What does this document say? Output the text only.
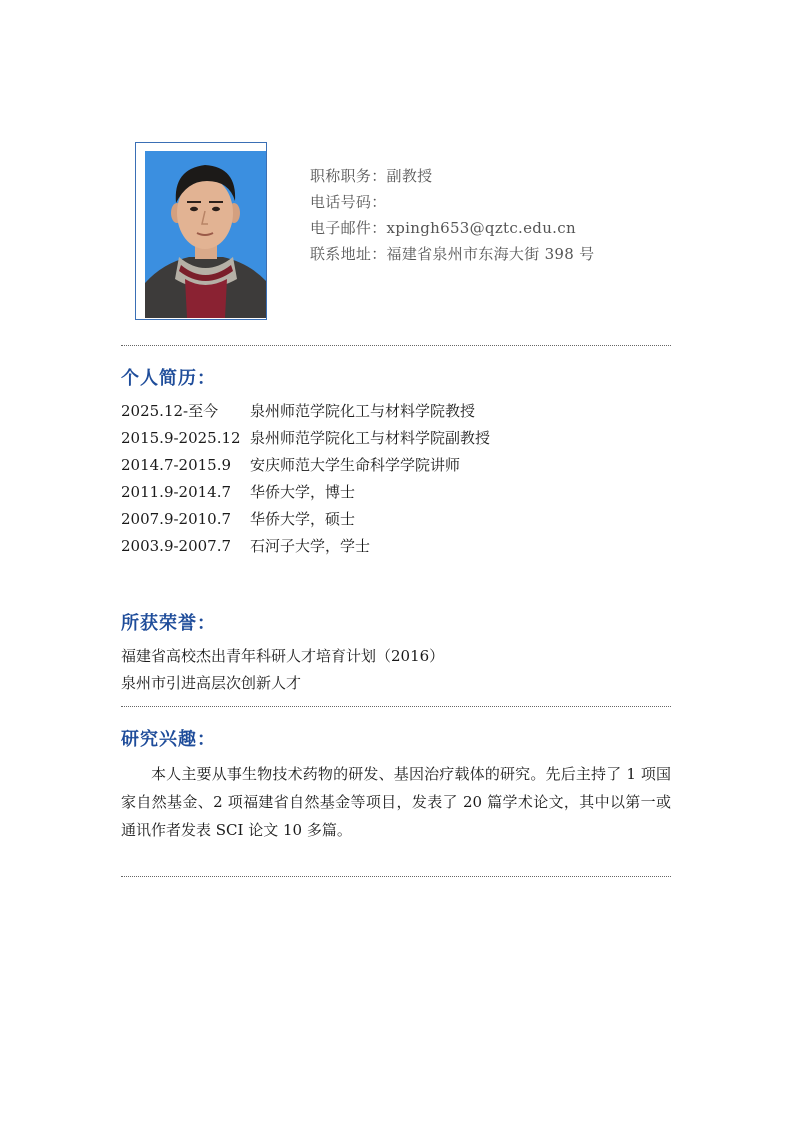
职称职务：副教授
电话号码：
电子邮件：xpingh653@qztc.edu.cn
联系地址：福建省泉州市东海大街 398 号
个人简历：
2025.12-至今 泉州师范学院化工与材料学院教授
2015.9-2025.12 泉州师范学院化工与材料学院副教授
2014.7-2015.9 安庆师范大学生命科学学院讲师
2011.9-2014.7 华侨大学，博士
2007.9-2010.7 华侨大学，硕士
2003.9-2007.7 石河子大学，学士
所获荣誉：
福建省高校杰出青年科研人才培育计划（2016）
泉州市引进高层次创新人才
研究兴趣：
本人主要从事生物技术药物的研发、基因治疗载体的研究。先后主持了 1 项国家自然基金、2 项福建省自然基金等项目，发表了 20 篇学术论文，其中以第一或通讯作者发表 SCI 论文 10 多篇。
